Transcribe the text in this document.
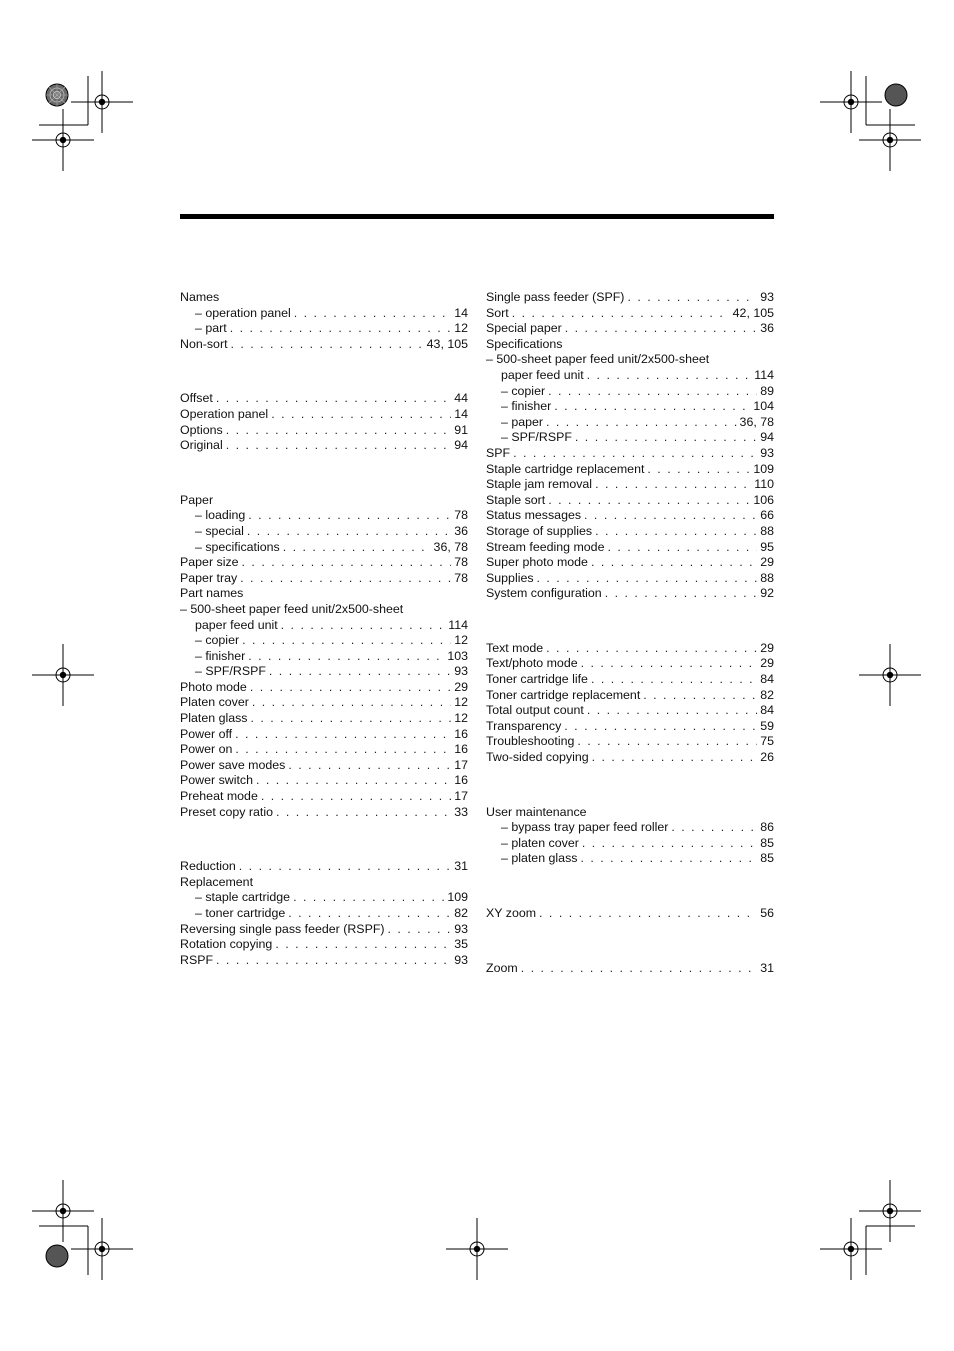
Names
– operation panel . . .	14
– part . . .	12
Non-sort . . .	43, 105
Offset . . .	44
Operation panel . . .	14
Options . . .	91
Original . . .	94
Paper
– loading . . .	78
– special . . .	36
– specifications . . .	36, 78
Paper size . . .	78
Paper tray . . .	78
Part names
– 500-sheet paper feed unit/2x500-sheet
paper feed unit . . .	114
– copier . . .	12
– finisher . . .	103
– SPF/RSPF . . .	93
Photo mode . . .	29
Platen cover . . .	12
Platen glass . . .	12
Power off . . .	16
Power on . . .	16
Power save modes . . .	17
Power switch . . .	16
Preheat mode . . .	17
Preset copy ratio . . .	33
Reduction . . .	31
Replacement
– staple cartridge . . .	109
– toner cartridge . . .	82
Reversing single pass feeder (RSPF) . . .	93
Rotation copying . . .	35
RSPF . . .	93
Single pass feeder (SPF) . . .	93
Sort . . .	42, 105
Special paper . . .	36
Specifications
– 500-sheet paper feed unit/2x500-sheet
paper feed unit . . .	114
– copier . . .	89
– finisher . . .	104
– paper . . .	36, 78
– SPF/RSPF . . .	94
SPF . . .	93
Staple cartridge replacement . . .	109
Staple jam removal . . .	110
Staple sort . . .	106
Status messages . . .	66
Storage of supplies . . .	88
Stream feeding mode . . .	95
Super photo mode . . .	29
Supplies . . .	88
System configuration . . .	92
Text mode . . .	29
Text/photo mode . . .	29
Toner cartridge life . . .	84
Toner cartridge replacement . . .	82
Total output count . . .	84
Transparency . . .	59
Troubleshooting . . .	75
Two-sided copying . . .	26
User maintenance
– bypass tray paper feed roller . . .	86
– platen cover . . .	85
– platen glass . . .	85
XY zoom . . .	56
Zoom . . .	31
